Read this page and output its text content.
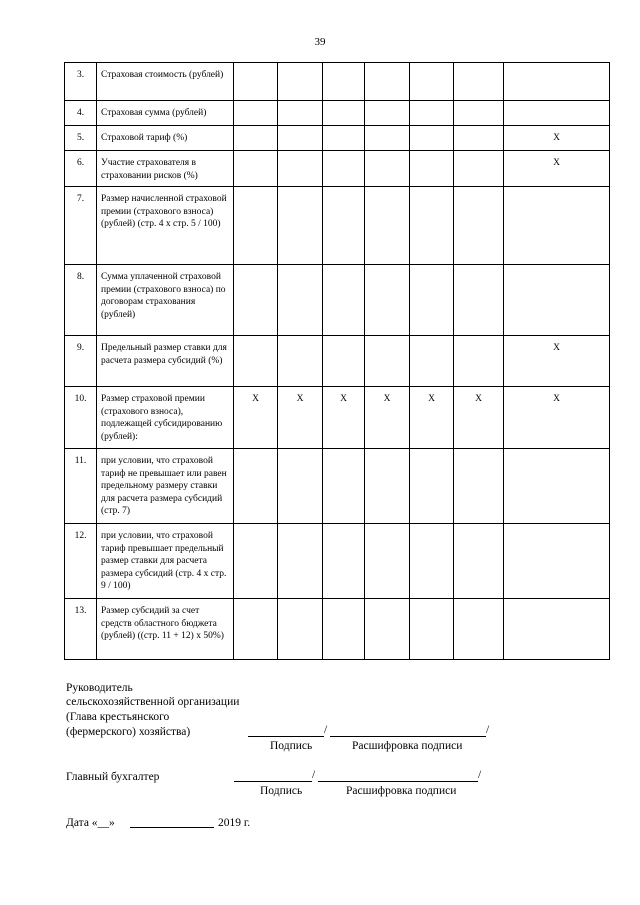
39
3.	Страховая стоимость (рублей)							
4.	Страховая сумма (рублей)							
5.	Страховой тариф (%)							X
6.	Участие страхователя в страховании рисков (%)							X
7.	Размер начисленной страховой премии (страхового взноса) (рублей) (стр. 4 x стр. 5 / 100)							
8.	Сумма уплаченной страховой премии (страхового взноса) по договорам страхования (рублей)							
9.	Предельный размер ставки для расчета размера субсидий (%)							X
10.	Размер страховой премии (страхового взноса), подлежащей субсидированию (рублей):	X	X	X	X	X	X	X
11.	при условии, что страховой тариф не превышает или равен предельному размеру ставки для расчета размера субсидий (стр. 7)							
12.	при условии, что страховой тариф превышает предельный размер ставки для расчета размера субсидий (стр. 4 x стр. 9 / 100)							
13.	Размер субсидий за счет средств областного бюджета (рублей) ((стр. 11 + 12) x 50%)							
Руководитель
сельскохозяйственной организации
(Глава крестьянского
(фермерского) хозяйства)	/	/
Подпись	Расшифровка подписи
Главный бухгалтер	/	/
Подпись	Расшифровка подписи
Дата «__»	2019 г.
